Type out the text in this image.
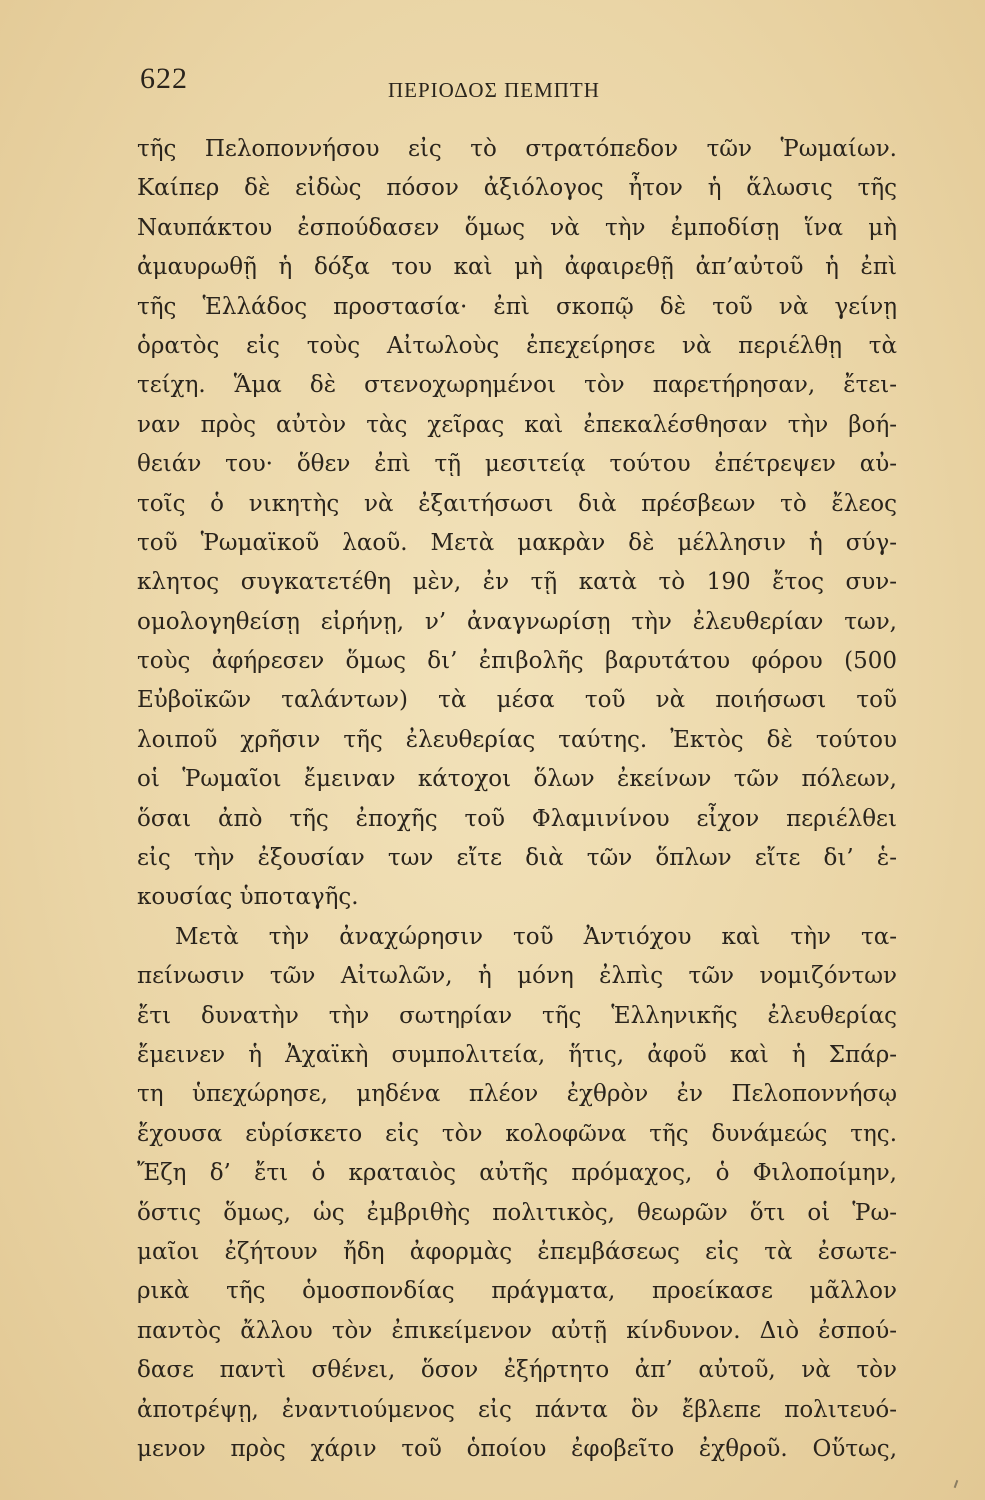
622	ΠΕΡΙΟΔΟΣ ΠΕΜΠΤΗ
τῆς Πελοποννήσου εἰς τὸ στρατόπεδον τῶν Ῥωμαίων.
Καίπερ δὲ εἰδὼς πόσον ἀξιόλογος ἦτον ἡ ἅλωσις τῆς
Ναυπάκτου ἐσπούδασεν ὅμως νὰ τὴν ἐμποδίσῃ ἵνα μὴ
ἀμαυρωθῇ ἡ δόξα του καὶ μὴ ἀφαιρεθῇ ἀπ’αὐτοῦ ἡ ἐπὶ
τῆς Ἑλλάδος προστασία· ἐπὶ σκοπῷ δὲ τοῦ νὰ γείνῃ
ὁρατὸς εἰς τοὺς Αἰτωλοὺς ἐπεχείρησε νὰ περιέλθῃ τὰ
τείχη. Ἅμα δὲ στενοχωρημένοι τὸν παρετήρησαν, ἔτει-
ναν πρὸς αὐτὸν τὰς χεῖρας καὶ ἐπεκαλέσθησαν τὴν βοή-
θειάν του· ὅθεν ἐπὶ τῇ μεσιτείᾳ τούτου ἐπέτρεψεν αὐ-
τοῖς ὁ νικητὴς νὰ ἐξαιτήσωσι διὰ πρέσβεων τὸ ἔλεος
τοῦ Ῥωμαϊκοῦ λαοῦ. Μετὰ μακρὰν δὲ μέλλησιν ἡ σύγ-
κλητος συγκατετέθη μὲν, ἐν τῇ κατὰ τὸ 190 ἔτος συν-
ομολογηθείσῃ εἰρήνῃ, ν’ ἀναγνωρίσῃ τὴν ἐλευθερίαν των,
τοὺς ἀφήρεσεν ὅμως δι’ ἐπιβολῆς βαρυτάτου φόρου (500
Εὐβοϊκῶν ταλάντων) τὰ μέσα τοῦ νὰ ποιήσωσι τοῦ
λοιποῦ χρῆσιν τῆς ἐλευθερίας ταύτης. Ἐκτὸς δὲ τούτου
οἱ Ῥωμαῖοι ἔμειναν κάτοχοι ὅλων ἐκείνων τῶν πόλεων,
ὅσαι ἀπὸ τῆς ἐποχῆς τοῦ Φλαμινίνου εἶχον περιέλθει
εἰς τὴν ἐξουσίαν των εἴτε διὰ τῶν ὅπλων εἴτε δι’ ἑ-
κουσίας ὑποταγῆς.
Μετὰ τὴν ἀναχώρησιν τοῦ Ἀντιόχου καὶ τὴν τα-
πείνωσιν τῶν Αἰτωλῶν, ἡ μόνη ἐλπὶς τῶν νομιζόντων
ἔτι δυνατὴν τὴν σωτηρίαν τῆς Ἑλληνικῆς ἐλευθερίας
ἔμεινεν ἡ Ἀχαϊκὴ συμπολιτεία, ἥτις, ἀφοῦ καὶ ἡ Σπάρ-
τη ὑπεχώρησε, μηδένα πλέον ἐχθρὸν ἐν Πελοποννήσῳ
ἔχουσα εὑρίσκετο εἰς τὸν κολοφῶνα τῆς δυνάμεώς της.
Ἔζη δ’ ἔτι ὁ κραταιὸς αὐτῆς πρόμαχος, ὁ Φιλοποίμην,
ὅστις ὅμως, ὡς ἐμβριθὴς πολιτικὸς, θεωρῶν ὅτι οἱ Ῥω-
μαῖοι ἐζήτουν ἤδη ἀφορμὰς ἐπεμβάσεως εἰς τὰ ἐσωτε-
ρικὰ τῆς ὁμοσπονδίας πράγματα, προείκασε μᾶλλον
παντὸς ἄλλου τὸν ἐπικείμενον αὐτῇ κίνδυνον. Διὸ ἐσπού-
δασε παντὶ σθένει, ὅσον ἐξήρτητο ἀπ’ αὐτοῦ, νὰ τὸν
ἀποτρέψῃ, ἐναντιούμενος εἰς πάντα ὃν ἔβλεπε πολιτευό-
μενον πρὸς χάριν τοῦ ὁποίου ἐφοβεῖτο ἐχθροῦ. Οὕτως,
